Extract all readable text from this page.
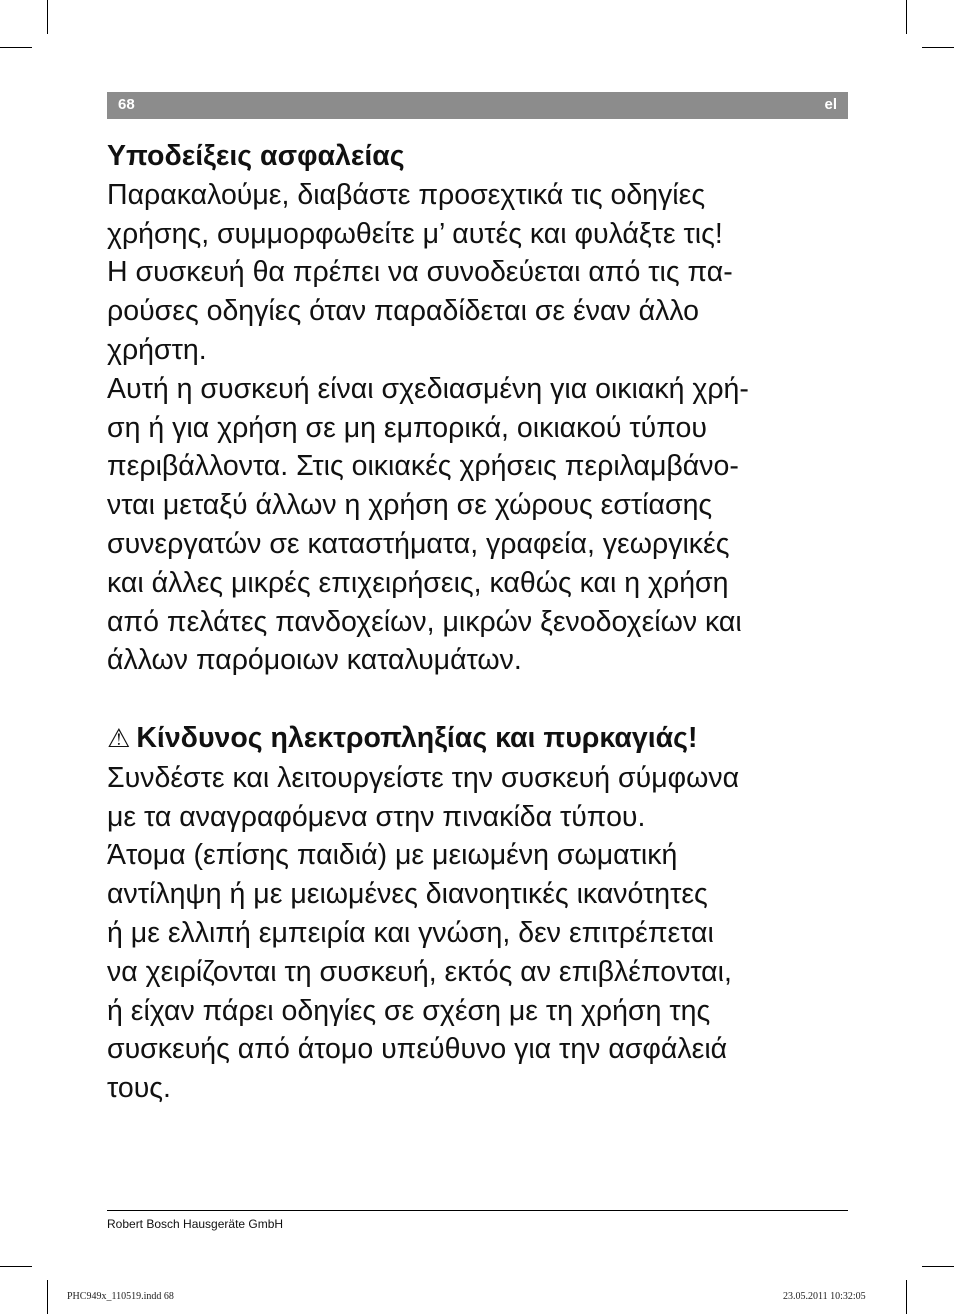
68	el
Υποδείξεις ασφαλείας
Παρακαλούμε, διαβάστε προσεχτικά τις οδηγίες
χρήσης, συμμορφωθείτε μ’ αυτές και φυλάξτε τις!
Η συσκευή θα πρέπει να συνοδεύεται από τις πα-
ρούσες οδηγίες όταν παραδίδεται σε έναν άλλο
χρήστη.
Αυτή η συσκευή είναι σχεδιασμένη για οικιακή χρή-
ση ή για χρήση σε μη εμπορικά, οικιακού τύπου
περιβάλλοντα. Στις οικιακές χρήσεις περιλαμβάνο-
νται μεταξύ άλλων η χρήση σε χώρους εστίασης
συνεργατών σε καταστήματα, γραφεία, γεωργικές
και άλλες μικρές επιχειρήσεις, καθώς και η χρήση
από πελάτες πανδοχείων, μικρών ξενοδοχείων και
άλλων παρόμοιων καταλυμάτων.
⚠ Κίνδυνος ηλεκτροπληξίας και πυρκαγιάς!
Συνδέστε και λειτουργείστε την συσκευή σύμφωνα
με τα αναγραφόμενα στην πινακίδα τύπου.
Άτομα (επίσης παιδιά) με μειωμένη σωματική
αντίληψη ή με μειωμένες διανοητικές ικανότητες
ή με ελλιπή εμπειρία και γνώση, δεν επιτρέπεται
να χειρίζονται τη συσκευή, εκτός αν επιβλέπονται,
ή είχαν πάρει οδηγίες σε σχέση με τη χρήση της
συσκευής από άτομο υπεύθυνο για την ασφάλειά
τους.
Robert Bosch Hausgeräte GmbH
PHC949x_110519.indd 68	23.05.2011 10:32:05
